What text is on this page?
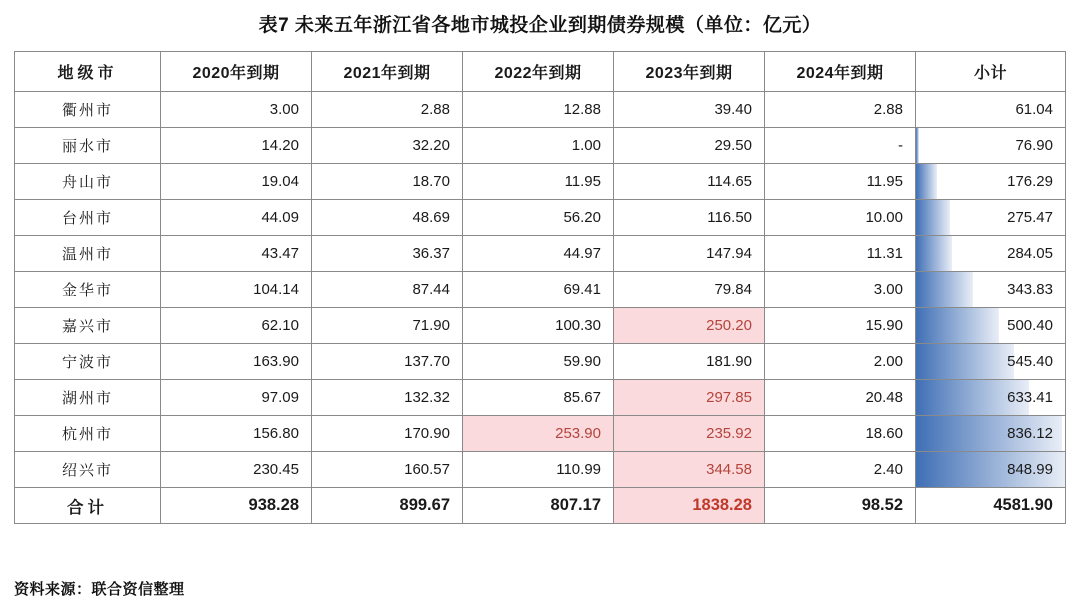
表7 未来五年浙江省各地市城投企业到期债券规模（单位：亿元）
地级市	2020年到期	2021年到期	2022年到期	2023年到期	2024年到期	小计
衢州市	3.00	2.88	12.88	39.40	2.88	61.04
丽水市	14.20	32.20	1.00	29.50	-	76.90
舟山市	19.04	18.70	11.95	114.65	11.95	176.29
台州市	44.09	48.69	56.20	116.50	10.00	275.47
温州市	43.47	36.37	44.97	147.94	11.31	284.05
金华市	104.14	87.44	69.41	79.84	3.00	343.83
嘉兴市	62.10	71.90	100.30	250.20	15.90	500.40
宁波市	163.90	137.70	59.90	181.90	2.00	545.40
湖州市	97.09	132.32	85.67	297.85	20.48	633.41
杭州市	156.80	170.90	253.90	235.92	18.60	836.12
绍兴市	230.45	160.57	110.99	344.58	2.40	848.99
合计	938.28	899.67	807.17	1838.28	98.52	4581.90
资料来源：联合资信整理
